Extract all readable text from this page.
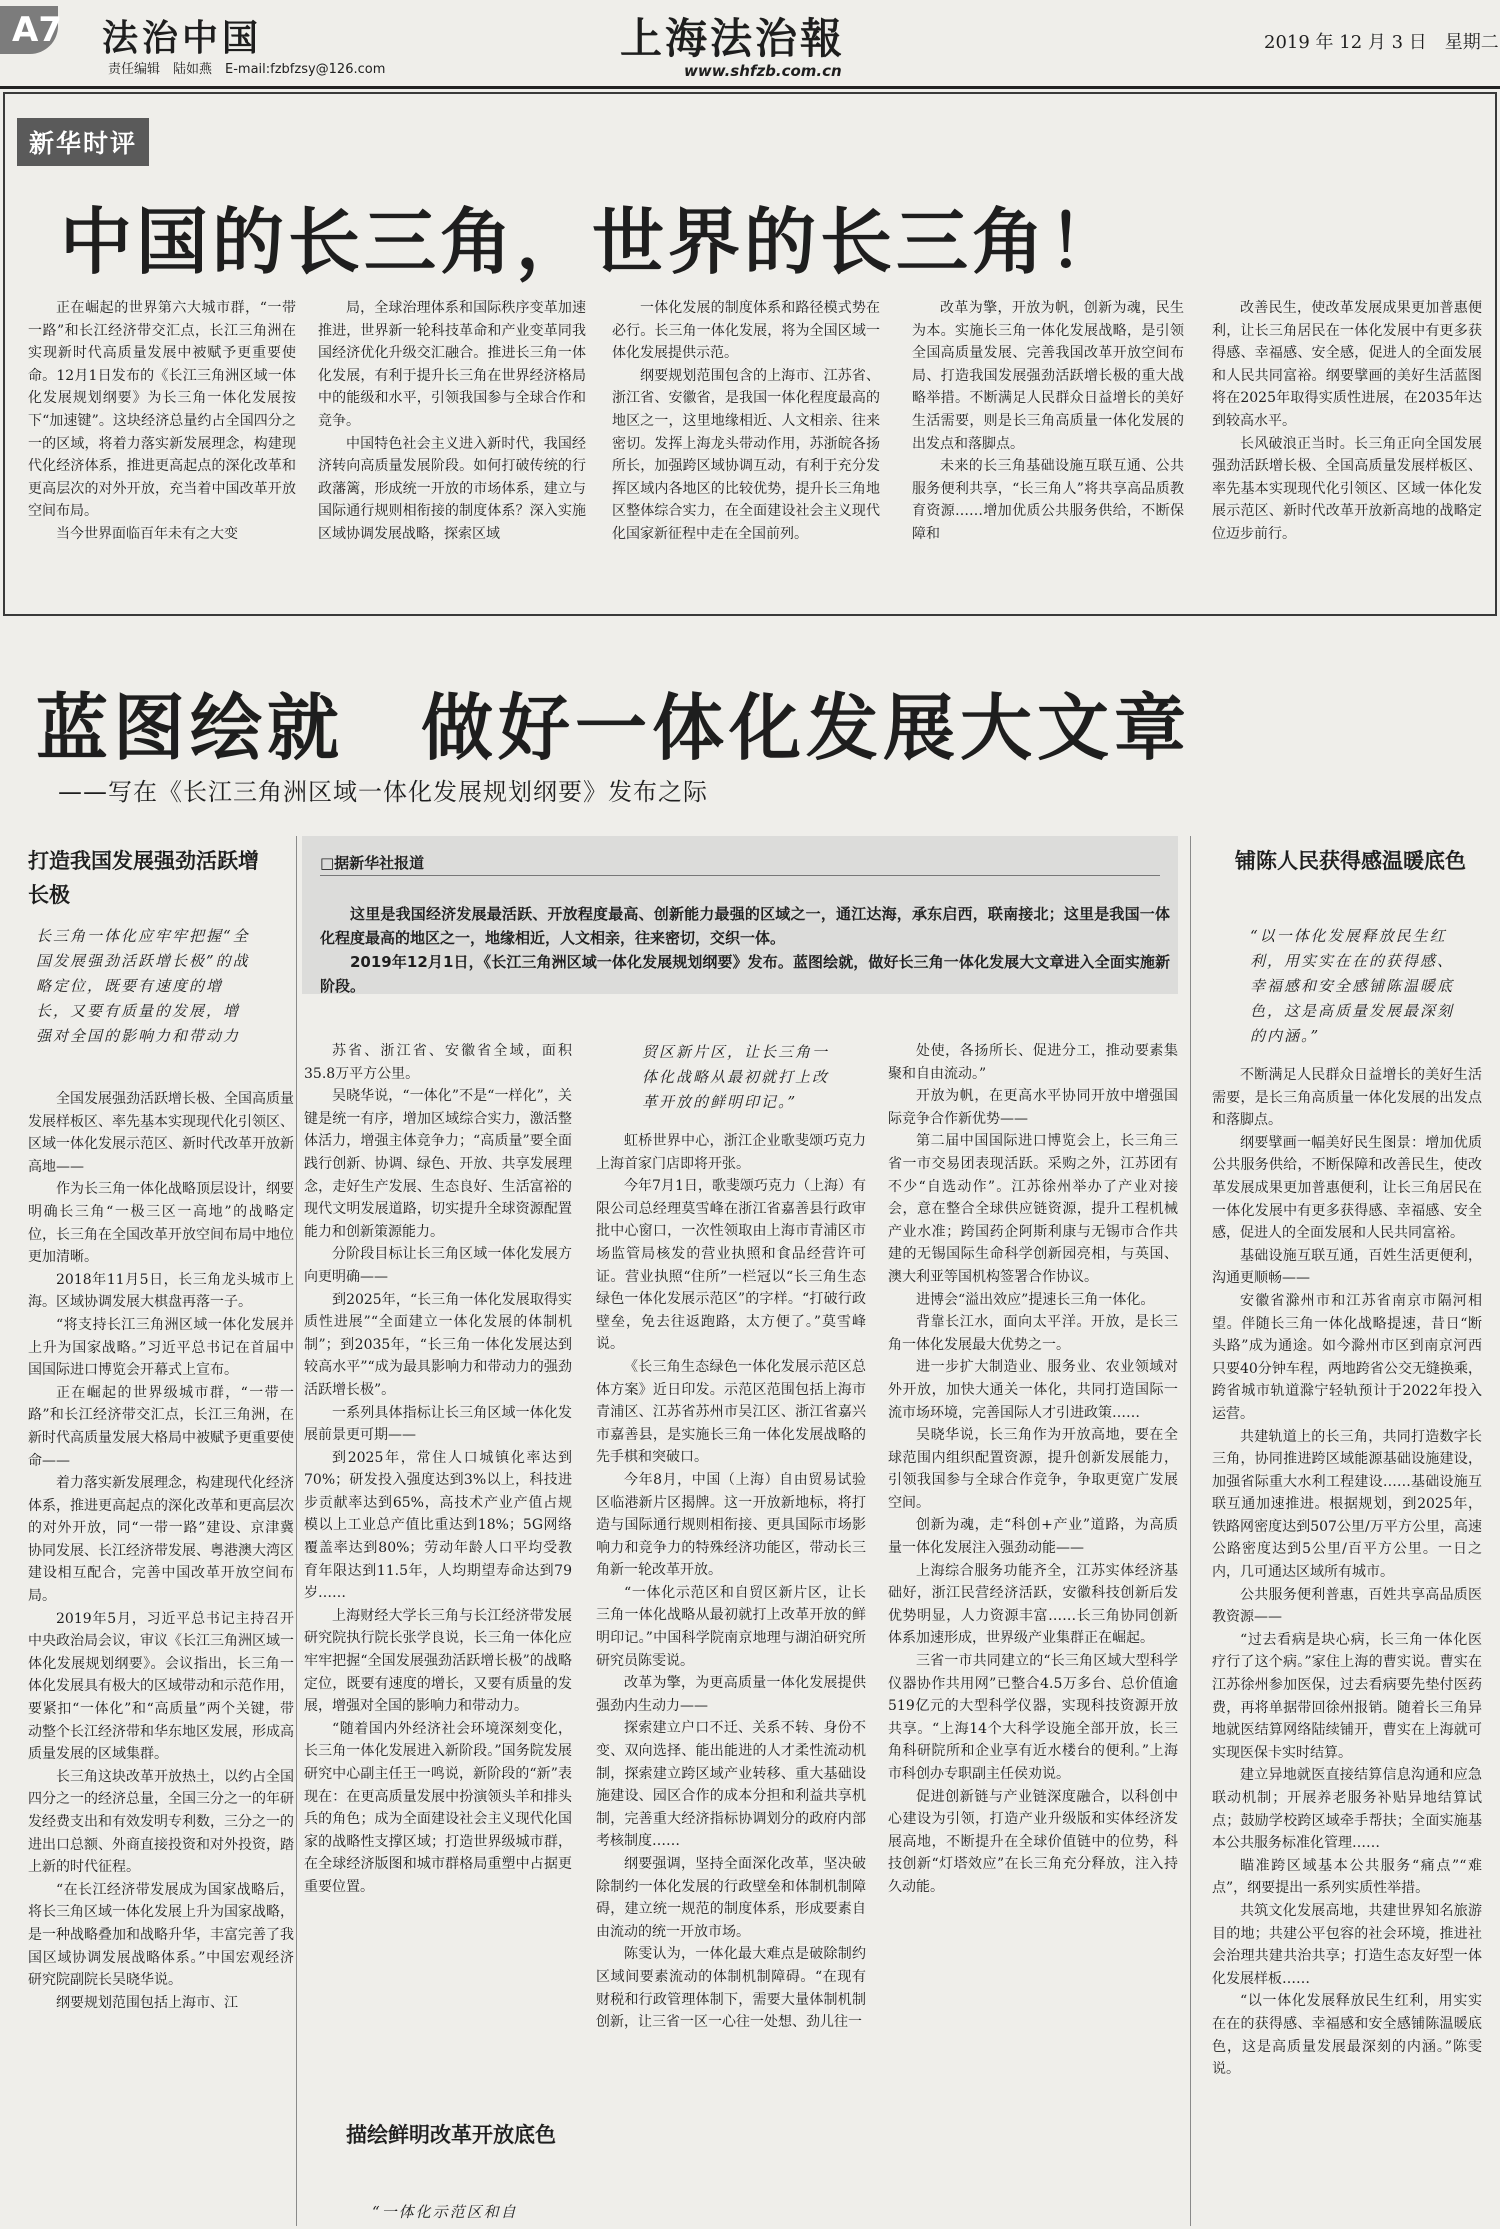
A7 法治中国
责任编辑　陆如燕　E-mail:fzbfzsy@126.com
上海法治報
www.shfzb.com.cn
2019 年 12 月 3 日　星期二
新华时评
中国的长三角，世界的长三角！

正在崛起的世界第六大城市群，“一带一路”和长江经济带交汇点，长江三角洲在实现新时代高质量发展中被赋予更重要使命。12月1日发布的《长江三角洲区域一体化发展规划纲要》为长三角一体化发展按下“加速键”。这块经济总量约占全国四分之一的区域，将着力落实新发展理念，构建现代化经济体系，推进更高起点的深化改革和更高层次的对外开放，充当着中国改革开放空间布局。

当今世界面临百年未有之大变

局，全球治理体系和国际秩序变革加速推进，世界新一轮科技革命和产业变革同我国经济优化升级交汇融合。推进长三角一体化发展，有利于提升长三角在世界经济格局中的能级和水平，引领我国参与全球合作和竞争。

中国特色社会主义进入新时代，我国经济转向高质量发展阶段。如何打破传统的行政藩篱，形成统一开放的市场体系，建立与国际通行规则相衔接的制度体系？深入实施区域协调发展战略，探索区域

一体化发展的制度体系和路径模式势在必行。长三角一体化发展，将为全国区域一体化发展提供示范。

纲要规划范围包含的上海市、江苏省、浙江省、安徽省，是我国一体化程度最高的地区之一，这里地缘相近、人文相亲、往来密切。发挥上海龙头带动作用，苏浙皖各扬所长，加强跨区域协调互动，有利于充分发挥区域内各地区的比较优势，提升长三角地区整体综合实力，在全面建设社会主义现代化国家新征程中走在全国前列。

改革为擎，开放为帆，创新为魂，民生为本。实施长三角一体化发展战略，是引领全国高质量发展、完善我国改革开放空间布局、打造我国发展强劲活跃增长极的重大战略举措。不断满足人民群众日益增长的美好生活需要，则是长三角高质量一体化发展的出发点和落脚点。

未来的长三角基础设施互联互通、公共服务便利共享，“长三角人”将共享高品质教育资源……增加优质公共服务供给，不断保障和

改善民生，使改革发展成果更加普惠便利，让长三角居民在一体化发展中有更多获得感、幸福感、安全感，促进人的全面发展和人民共同富裕。纲要擘画的美好生活蓝图将在2025年取得实质性进展，在2035年达到较高水平。

长风破浪正当时。长三角正向全国发展强劲活跃增长极、全国高质量发展样板区、率先基本实现现代化引领区、区域一体化发展示范区、新时代改革开放新高地的战略定位迈步前行。

蓝图绘就　做好一体化发展大文章
——写在《长江三角洲区域一体化发展规划纲要》发布之际
□据新华社报道

这里是我国经济发展最活跃、开放程度最高、创新能力最强的区域之一，通江达海，承东启西，联南接北；这里是我国一体化程度最高的地区之一，地缘相近，人文相亲，往来密切，交织一体。

2019年12月1日，《长江三角洲区域一体化发展规划纲要》发布。蓝图绘就，做好长三角一体化发展大文章进入全面实施新阶段。

打造我国发展强劲活跃增长极
长三角一体化应牢牢把握“全国发展强劲活跃增长极”的战略定位，既要有速度的增长，又要有质量的发展，增强对全国的影响力和带动力

全国发展强劲活跃增长极、全国高质量发展样板区、率先基本实现现代化引领区、区域一体化发展示范区、新时代改革开放新高地——

作为长三角一体化战略顶层设计，纲要明确长三角“一极三区一高地”的战略定位，长三角在全国改革开放空间布局中地位更加清晰。

2018年11月5日，长三角龙头城市上海。区域协调发展大棋盘再落一子。

“将支持长江三角洲区域一体化发展并上升为国家战略。”习近平总书记在首届中国国际进口博览会开幕式上宣布。

正在崛起的世界级城市群，“一带一路”和长江经济带交汇点，长江三角洲，在新时代高质量发展大格局中被赋予更重要使命——

着力落实新发展理念，构建现代化经济体系，推进更高起点的深化改革和更高层次的对外开放，同“一带一路”建设、京津冀协同发展、长江经济带发展、粤港澳大湾区建设相互配合，完善中国改革开放空间布局。

2019年5月，习近平总书记主持召开中央政治局会议，审议《长江三角洲区域一体化发展规划纲要》。会议指出，长三角一体化发展具有极大的区域带动和示范作用，要紧扣“一体化”和“高质量”两个关键，带动整个长江经济带和华东地区发展，形成高质量发展的区域集群。

长三角这块改革开放热土，以约占全国四分之一的经济总量，全国三分之一的年研发经费支出和有效发明专利数，三分之一的进出口总额、外商直接投资和对外投资，踏上新的时代征程。

“在长江经济带发展成为国家战略后，将长三角区域一体化发展上升为国家战略，是一种战略叠加和战略升华，丰富完善了我国区域协调发展战略体系。”中国宏观经济研究院副院长吴晓华说。

纲要规划范围包括上海市、江

苏省、浙江省、安徽省全域，面积35.8万平方公里。

吴晓华说，“一体化”不是“一样化”，关键是统一有序，增加区域综合实力，激活整体活力，增强主体竞争力；“高质量”要全面践行创新、协调、绿色、开放、共享发展理念，走好生产发展、生态良好、生活富裕的现代文明发展道路，切实提升全球资源配置能力和创新策源能力。

分阶段目标让长三角区域一体化发展方向更明确——

到2025年，“长三角一体化发展取得实质性进展”“全面建立一体化发展的体制机制”；到2035年，“长三角一体化发展达到较高水平”“成为最具影响力和带动力的强劲活跃增长极”。

一系列具体指标让长三角区域一体化发展前景更可期——

到2025年，常住人口城镇化率达到70%；研发投入强度达到3%以上，科技进步贡献率达到65%，高技术产业产值占规模以上工业总产值比重达到18%；5G网络覆盖率达到80%；劳动年龄人口平均受教育年限达到11.5年，人均期望寿命达到79岁……

上海财经大学长三角与长江经济带发展研究院执行院长张学良说，长三角一体化应牢牢把握“全国发展强劲活跃增长极”的战略定位，既要有速度的增长，又要有质量的发展，增强对全国的影响力和带动力。

“随着国内外经济社会环境深刻变化，长三角一体化发展进入新阶段。”国务院发展研究中心副主任王一鸣说，新阶段的“新”表现在：在更高质量发展中扮演领头羊和排头兵的角色；成为全面建设社会主义现代化国家的战略性支撑区域；打造世界级城市群，在全球经济版图和城市群格局重塑中占据更重要位置。

描绘鲜明改革开放底色
“一体化示范区和自
贸区新片区，让长三角一体化战略从最初就打上改革开放的鲜明印记。”

虹桥世界中心，浙江企业歌斐颂巧克力上海首家门店即将开张。

今年7月1日，歌斐颂巧克力（上海）有限公司总经理莫雪峰在浙江省嘉善县行政审批中心窗口，一次性领取由上海市青浦区市场监管局核发的营业执照和食品经营许可证。营业执照“住所”一栏冠以“长三角生态绿色一体化发展示范区”的字样。“打破行政壁垒，免去往返跑路，太方便了。”莫雪峰说。

《长三角生态绿色一体化发展示范区总体方案》近日印发。示范区范围包括上海市青浦区、江苏省苏州市吴江区、浙江省嘉兴市嘉善县，是实施长三角一体化发展战略的先手棋和突破口。

今年8月，中国（上海）自由贸易试验区临港新片区揭牌。这一开放新地标，将打造与国际通行规则相衔接、更具国际市场影响力和竞争力的特殊经济功能区，带动长三角新一轮改革开放。

“一体化示范区和自贸区新片区，让长三角一体化战略从最初就打上改革开放的鲜明印记。”中国科学院南京地理与湖泊研究所研究员陈雯说。

改革为擎，为更高质量一体化发展提供强劲内生动力——

探索建立户口不迁、关系不转、身份不变、双向选择、能出能进的人才柔性流动机制，探索建立跨区域产业转移、重大基础设施建设、园区合作的成本分担和利益共享机制，完善重大经济指标协调划分的政府内部考核制度……

纲要强调，坚持全面深化改革，坚决破除制约一体化发展的行政壁垒和体制机制障碍，建立统一规范的制度体系，形成要素自由流动的统一开放市场。

陈雯认为，一体化最大难点是破除制约区域间要素流动的体制机制障碍。“在现有财税和行政管理体制下，需要大量体制机制创新，让三省一区一心往一处想、劲儿往一

处使，各扬所长、促进分工，推动要素集聚和自由流动。”

开放为帆，在更高水平协同开放中增强国际竞争合作新优势——

第二届中国国际进口博览会上，长三角三省一市交易团表现活跃。采购之外，江苏团有不少“自选动作”。江苏徐州举办了产业对接会，意在整合全球供应链资源，提升工程机械产业水准；跨国药企阿斯利康与无锡市合作共建的无锡国际生命科学创新园亮相，与英国、澳大利亚等国机构签署合作协议。

进博会“溢出效应”提速长三角一体化。

背靠长江水，面向太平洋。开放，是长三角一体化发展最大优势之一。

进一步扩大制造业、服务业、农业领域对外开放，加快大通关一体化，共同打造国际一流市场环境，完善国际人才引进政策……

吴晓华说，长三角作为开放高地，要在全球范围内组织配置资源，提升创新发展能力，引领我国参与全球合作竞争，争取更宽广发展空间。

创新为魂，走“科创+产业”道路，为高质量一体化发展注入强劲动能——

上海综合服务功能齐全，江苏实体经济基础好，浙江民营经济活跃，安徽科技创新后发优势明显，人力资源丰富……长三角协同创新体系加速形成，世界级产业集群正在崛起。

三省一市共同建立的“长三角区域大型科学仪器协作共用网”已整合4.5万多台、总价值逾519亿元的大型科学仪器，实现科技资源开放共享。“上海14个大科学设施全部开放，长三角科研院所和企业享有近水楼台的便利。”上海市科创办专职副主任侯劝说。

促进创新链与产业链深度融合，以科创中心建设为引领，打造产业升级版和实体经济发展高地，不断提升在全球价值链中的位势，科技创新“灯塔效应”在长三角充分释放，注入持久动能。

铺陈人民获得感温暖底色
“以一体化发展释放民生红利，用实实在在的获得感、幸福感和安全感铺陈温暖底色，这是高质量发展最深刻的内涵。”

不断满足人民群众日益增长的美好生活需要，是长三角高质量一体化发展的出发点和落脚点。

纲要擘画一幅美好民生图景：增加优质公共服务供给，不断保障和改善民生，使改革发展成果更加普惠便利，让长三角居民在一体化发展中有更多获得感、幸福感、安全感，促进人的全面发展和人民共同富裕。

基础设施互联互通，百姓生活更便利，沟通更顺畅——

安徽省滁州市和江苏省南京市隔河相望。伴随长三角一体化战略提速，昔日“断头路”成为通途。如今滁州市区到南京河西只要40分钟车程，两地跨省公交无缝换乘，跨省城市轨道滁宁轻轨预计于2022年投入运营。

共建轨道上的长三角，共同打造数字长三角，协同推进跨区域能源基础设施建设，加强省际重大水利工程建设……基础设施互联互通加速推进。根据规划，到2025年，铁路网密度达到507公里/万平方公里，高速公路密度达到5公里/百平方公里。一日之内，几可通达区域所有城市。

公共服务便利普惠，百姓共享高品质医教资源——

“过去看病是块心病，长三角一体化医疗行了这个病。”家住上海的曹实说。曹实在江苏徐州参加医保，过去看病要先垫付医药费，再将单据带回徐州报销。随着长三角异地就医结算网络陆续铺开，曹实在上海就可实现医保卡实时结算。

建立异地就医直接结算信息沟通和应急联动机制；开展养老服务补贴异地结算试点；鼓励学校跨区域牵手帮扶；全面实施基本公共服务标准化管理……

瞄准跨区域基本公共服务“痛点”“难点”，纲要提出一系列实质性举措。

共筑文化发展高地，共建世界知名旅游目的地；共建公平包容的社会环境，推进社会治理共建共治共享；打造生态友好型一体化发展样板……

“以一体化发展释放民生红利，用实实在在的获得感、幸福感和安全感铺陈温暖底色，这是高质量发展最深刻的内涵。”陈雯说。
